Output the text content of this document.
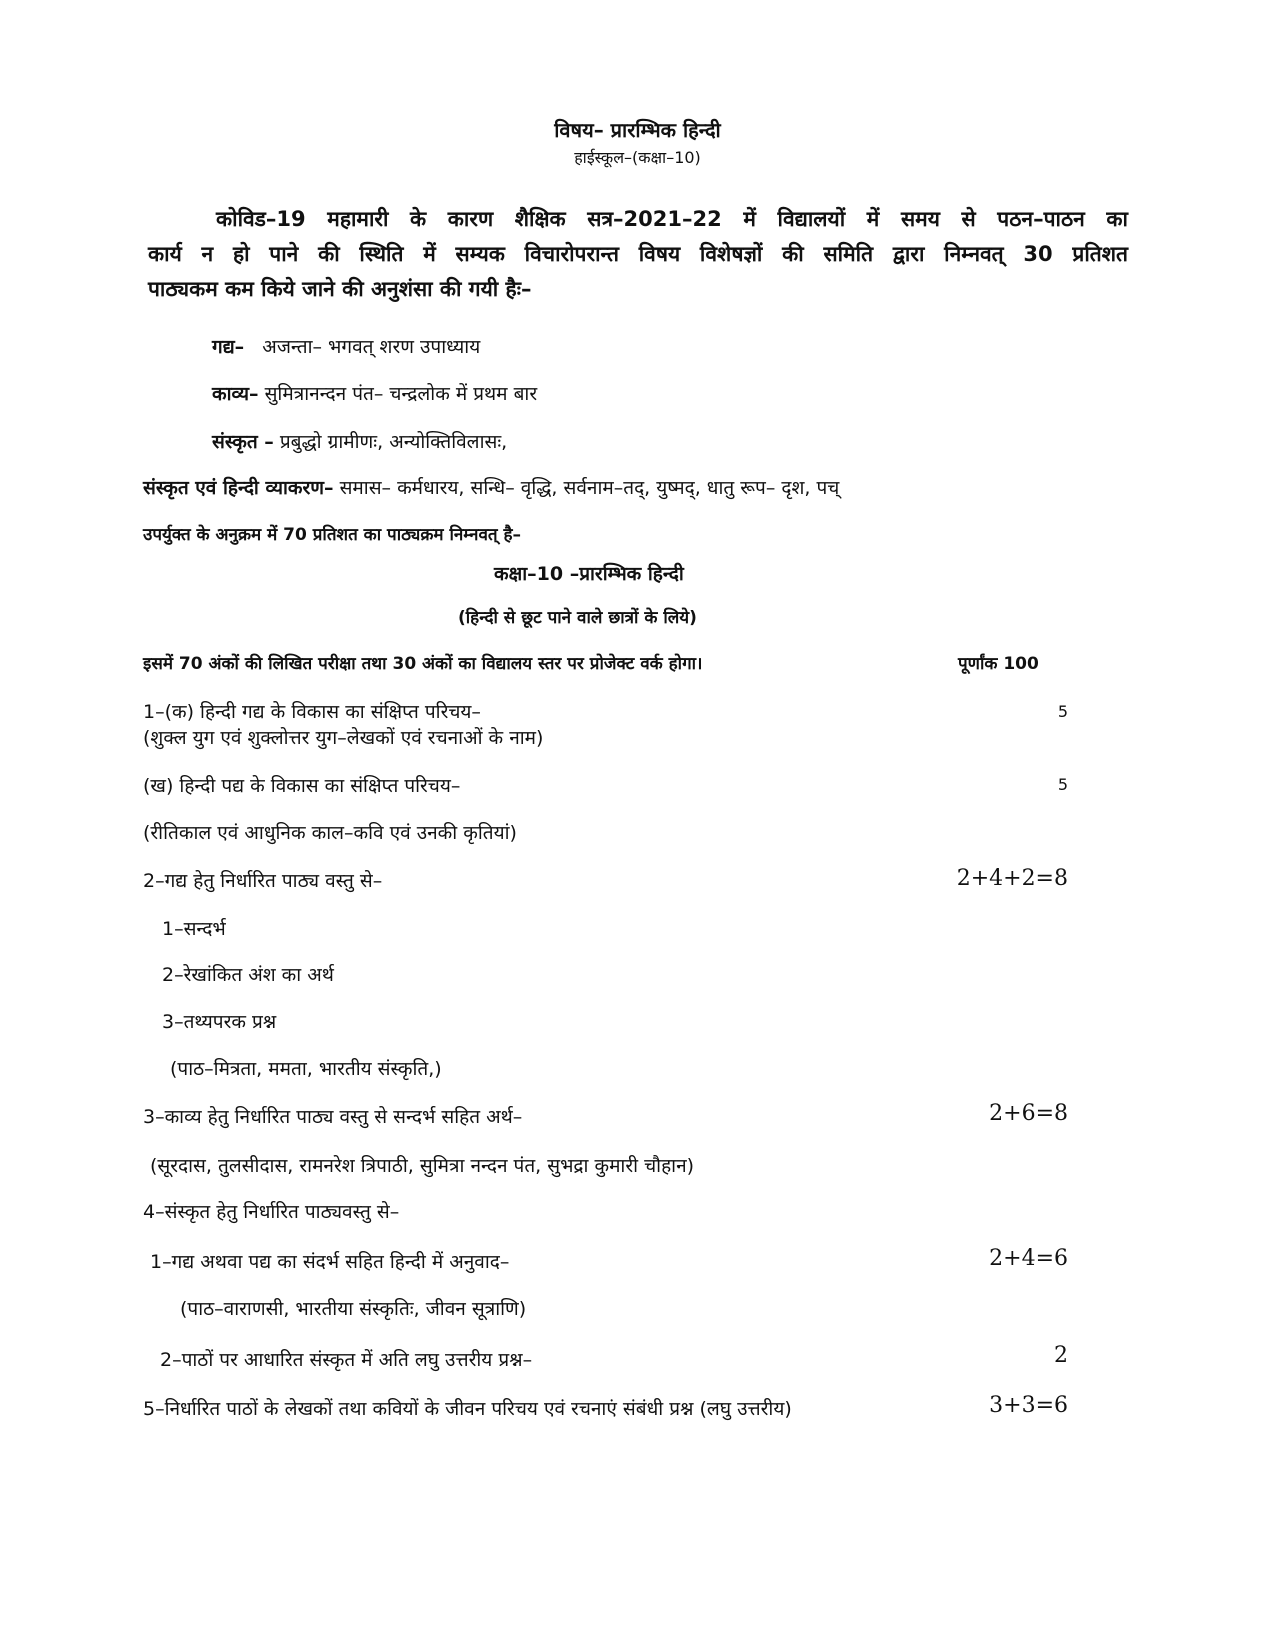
विषय– प्रारम्भिक हिन्दी
हाईस्कूल–(कक्षा–10)
कोविड–19 महामारी के कारण शैक्षिक सत्र–2021–22 में विद्यालयों में समय से पठन–पाठन का
कार्य न हो पाने की स्थिति में सम्यक विचारोपरान्त विषय विशेषज्ञों की समिति द्वारा निम्नवत् 30 प्रतिशत
पाठ्यकम कम किये जाने की अनुशंसा की गयी हैः–
गद्य– अजन्ता– भगवत् शरण उपाध्याय
काव्य– सुमित्रानन्दन पंत– चन्द्रलोक में प्रथम बार
संस्कृत – प्रबुद्धो ग्रामीणः, अन्योक्तिविलासः,
संस्कृत एवं हिन्दी व्याकरण– समास– कर्मधारय, सन्धि– वृद्धि, सर्वनाम–तद्, युष्मद्, धातु रूप– दृश, पच्
उपर्युक्त के अनुक्रम में 70 प्रतिशत का पाठ्यक्रम निम्नवत् है–
कक्षा–10 –प्रारम्भिक हिन्दी
(हिन्दी से छूट पाने वाले छात्रों के लिये)
इसमें 70 अंकों की लिखित परीक्षा तथा 30 अंकों का विद्यालय स्तर पर प्रोजेक्ट वर्क होगा।	पूर्णांक 100
1–(क) हिन्दी गद्य के विकास का संक्षिप्त परिचय–	5
(शुक्ल युग एवं शुक्लोत्तर युग–लेखकों एवं रचनाओं के नाम)
(ख) हिन्दी पद्य के विकास का संक्षिप्त परिचय–	5
(रीतिकाल एवं आधुनिक काल–कवि एवं उनकी कृतियां)
2–गद्य हेतु निर्धारित पाठ्य वस्तु से–	2+4+2=8
1–सन्दर्भ
2–रेखांकित अंश का अर्थ
3–तथ्यपरक प्रश्न
(पाठ–मित्रता, ममता, भारतीय संस्कृति,)
3–काव्य हेतु निर्धारित पाठ्य वस्तु से सन्दर्भ सहित अर्थ–	2+6=8
(सूरदास, तुलसीदास, रामनरेश त्रिपाठी, सुमित्रा नन्दन पंत, सुभद्रा कुमारी चौहान)
4–संस्कृत हेतु निर्धारित पाठ्यवस्तु से–
1–गद्य अथवा पद्य का संदर्भ सहित हिन्दी में अनुवाद–	2+4=6
(पाठ–वाराणसी, भारतीया संस्कृतिः, जीवन सूत्राणि)
2–पाठों पर आधारित संस्कृत में अति लघु उत्तरीय प्रश्न–	2
5–निर्धारित पाठों के लेखकों तथा कवियों के जीवन परिचय एवं रचनाएं संबंधी प्रश्न (लघु उत्तरीय)	3+3=6
